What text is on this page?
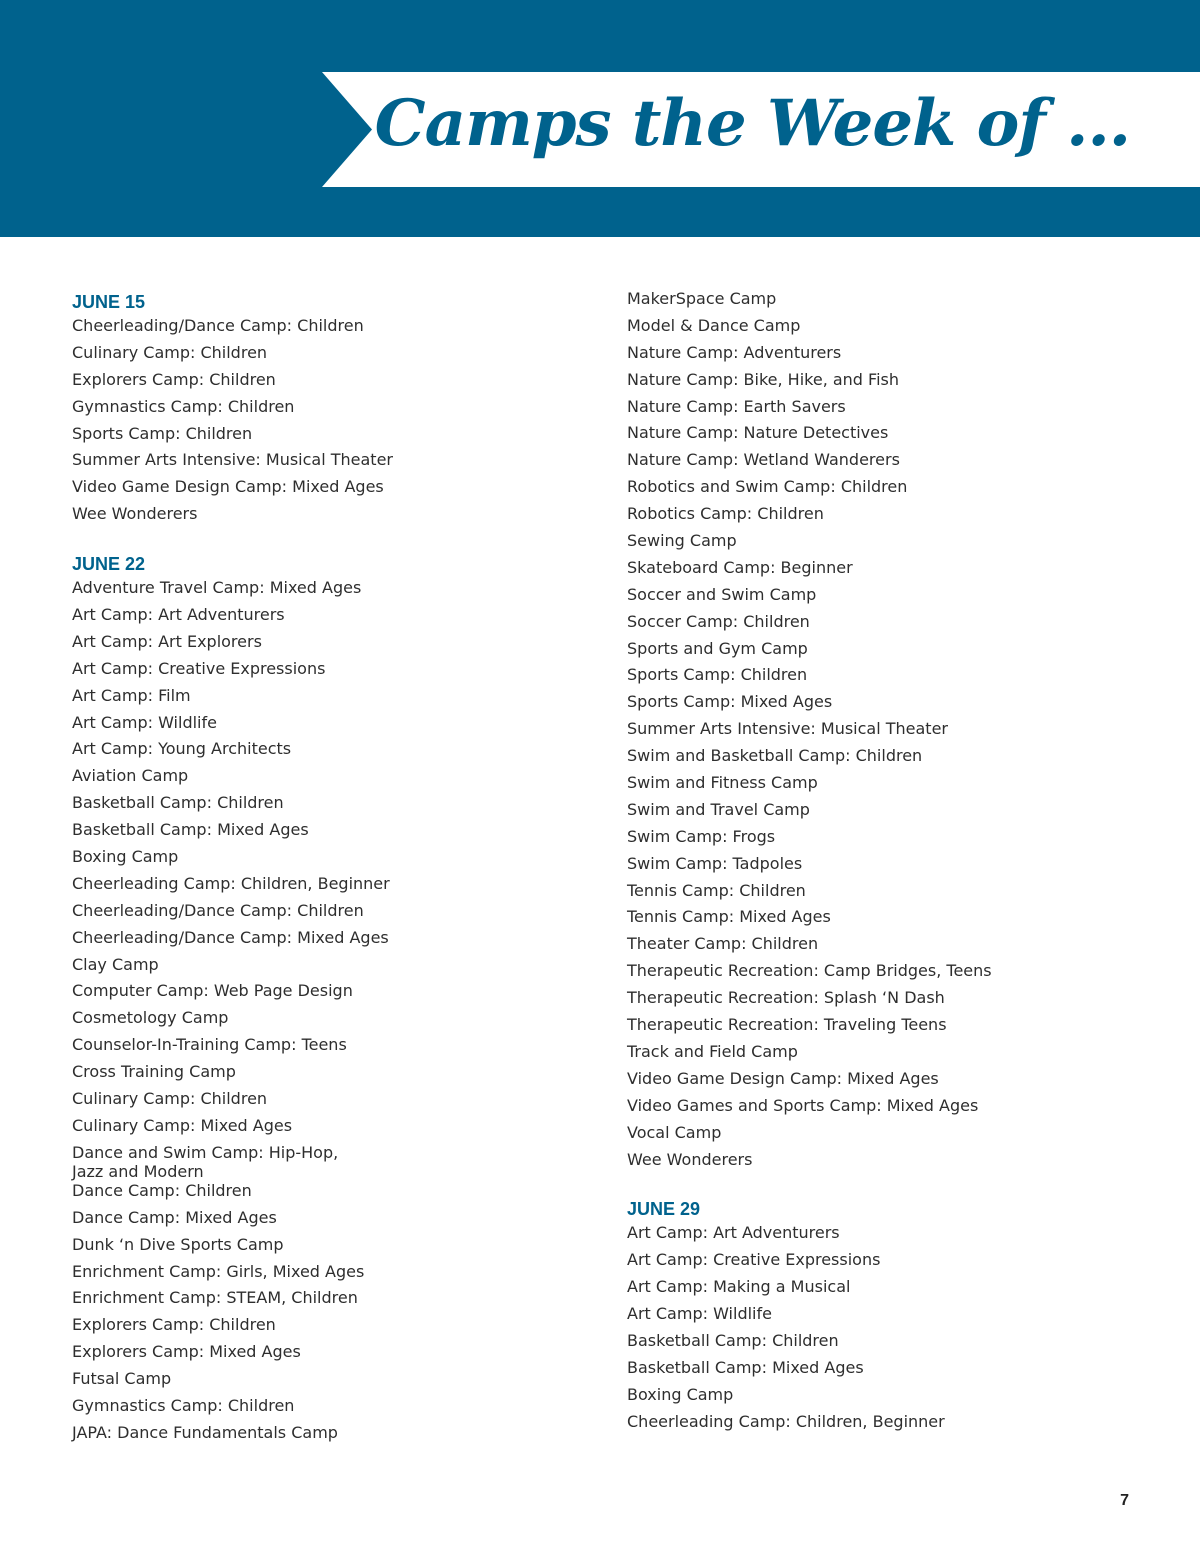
Camps the Week of ...
JUNE 15
Cheerleading/Dance Camp: Children
Culinary Camp: Children
Explorers Camp: Children
Gymnastics Camp: Children
Sports Camp: Children
Summer Arts Intensive: Musical Theater
Video Game Design Camp: Mixed Ages
Wee Wonderers
JUNE 22
Adventure Travel Camp: Mixed Ages
Art Camp: Art Adventurers
Art Camp: Art Explorers
Art Camp: Creative Expressions
Art Camp: Film
Art Camp: Wildlife
Art Camp: Young Architects
Aviation Camp
Basketball Camp: Children
Basketball Camp: Mixed Ages
Boxing Camp
Cheerleading Camp: Children, Beginner
Cheerleading/Dance Camp: Children
Cheerleading/Dance Camp: Mixed Ages
Clay Camp
Computer Camp: Web Page Design
Cosmetology Camp
Counselor-In-Training Camp: Teens
Cross Training Camp
Culinary Camp: Children
Culinary Camp: Mixed Ages
Dance and Swim Camp: Hip-Hop,
Jazz and Modern
Dance Camp: Children
Dance Camp: Mixed Ages
Dunk ‘n Dive Sports Camp
Enrichment Camp: Girls, Mixed Ages
Enrichment Camp: STEAM, Children
Explorers Camp: Children
Explorers Camp: Mixed Ages
Futsal Camp
Gymnastics Camp: Children
JAPA: Dance Fundamentals Camp
MakerSpace Camp
Model & Dance Camp
Nature Camp: Adventurers
Nature Camp: Bike, Hike, and Fish
Nature Camp: Earth Savers
Nature Camp: Nature Detectives
Nature Camp: Wetland Wanderers
Robotics and Swim Camp: Children
Robotics Camp: Children
Sewing Camp
Skateboard Camp: Beginner
Soccer and Swim Camp
Soccer Camp: Children
Sports and Gym Camp
Sports Camp: Children
Sports Camp: Mixed Ages
Summer Arts Intensive: Musical Theater
Swim and Basketball Camp: Children
Swim and Fitness Camp
Swim and Travel Camp
Swim Camp: Frogs
Swim Camp: Tadpoles
Tennis Camp: Children
Tennis Camp: Mixed Ages
Theater Camp: Children
Therapeutic Recreation: Camp Bridges, Teens
Therapeutic Recreation: Splash ‘N Dash
Therapeutic Recreation: Traveling Teens
Track and Field Camp
Video Game Design Camp: Mixed Ages
Video Games and Sports Camp: Mixed Ages
Vocal Camp
Wee Wonderers
JUNE 29
Art Camp: Art Adventurers
Art Camp: Creative Expressions
Art Camp: Making a Musical
Art Camp: Wildlife
Basketball Camp: Children
Basketball Camp: Mixed Ages
Boxing Camp
Cheerleading Camp: Children, Beginner
7
